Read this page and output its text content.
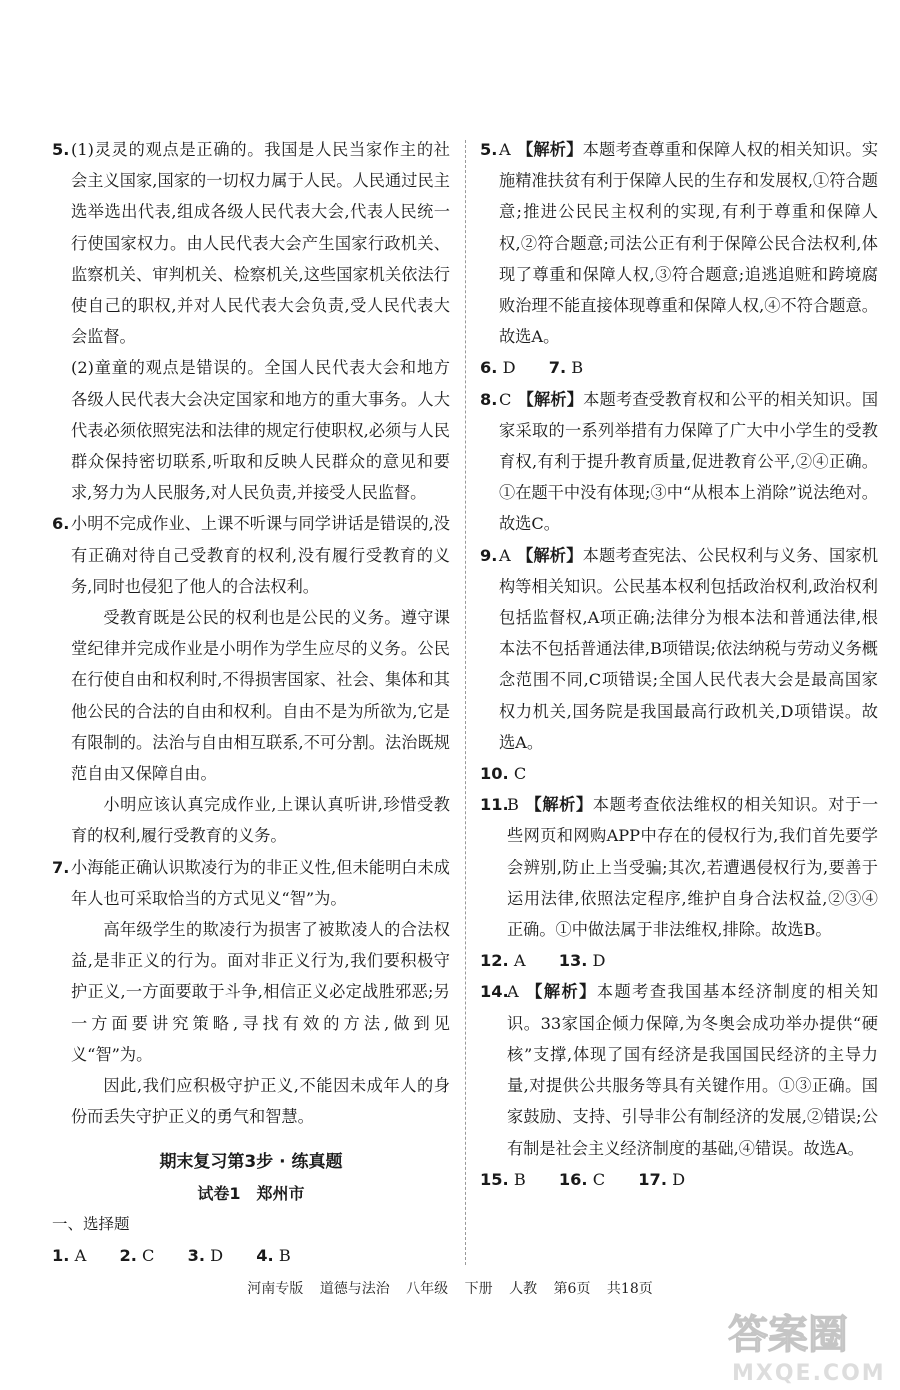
5. (1)灵灵的观点是正确的。我国是人民当家作主的社会主义国家,国家的一切权力属于人民。人民通过民主选举选出代表,组成各级人民代表大会,代表人民统一行使国家权力。由人民代表大会产生国家行政机关、监察机关、审判机关、检察机关,这些国家机关依法行使自己的职权,并对人民代表大会负责,受人民代表大会监督。
(2)童童的观点是错误的。全国人民代表大会和地方各级人民代表大会决定国家和地方的重大事务。人大代表必须依照宪法和法律的规定行使职权,必须与人民群众保持密切联系,听取和反映人民群众的意见和要求,努力为人民服务,对人民负责,并接受人民监督。
6. 小明不完成作业、上课不听课与同学讲话是错误的,没有正确对待自己受教育的权利,没有履行受教育的义务,同时也侵犯了他人的合法权利。
受教育既是公民的权利也是公民的义务。遵守课堂纪律并完成作业是小明作为学生应尽的义务。公民在行使自由和权利时,不得损害国家、社会、集体和其他公民的合法的自由和权利。自由不是为所欲为,它是有限制的。法治与自由相互联系,不可分割。法治既规范自由又保障自由。
小明应该认真完成作业,上课认真听讲,珍惜受教育的权利,履行受教育的义务。
7. 小海能正确认识欺凌行为的非正义性,但未能明白未成年人也可采取恰当的方式见义“智”为。
高年级学生的欺凌行为损害了被欺凌人的合法权益,是非正义的行为。面对非正义行为,我们要积极守护正义,一方面要敢于斗争,相信正义必定战胜邪恶;另一方面要讲究策略,寻找有效的方法,做到见义“智”为。
因此,我们应积极守护正义,不能因未成年人的身份而丢失守护正义的勇气和智慧。
期末复习第3步 · 练真题
试卷1　郑州市
一、选择题
1. A 2. C 3. D 4. B
5. A 【解析】本题考查尊重和保障人权的相关知识。实施精准扶贫有利于保障人民的生存和发展权,①符合题意;推进公民民主权利的实现,有利于尊重和保障人权,②符合题意;司法公正有利于保障公民合法权利,体现了尊重和保障人权,③符合题意;追逃追赃和跨境腐败治理不能直接体现尊重和保障人权,④不符合题意。故选A。
6. D 7. B
8. C 【解析】本题考查受教育权和公平的相关知识。国家采取的一系列举措有力保障了广大中小学生的受教育权,有利于提升教育质量,促进教育公平,②④正确。①在题干中没有体现;③中“从根本上消除”说法绝对。故选C。
9. A 【解析】本题考查宪法、公民权利与义务、国家机构等相关知识。公民基本权利包括政治权利,政治权利包括监督权,A项正确;法律分为根本法和普通法律,根本法不包括普通法律,B项错误;依法纳税与劳动义务概念范围不同,C项错误;全国人民代表大会是最高国家权力机关,国务院是我国最高行政机关,D项错误。故选A。
10. C
11.
B 【解析】本题考查依法维权的相关知识。对于一些网页和网购APP中存在的侵权行为,我们首先要学会辨别,防止上当受骗;其次,若遭遇侵权行为,要善于运用法律,依照法定程序,维护自身合法权益,②③④正确。①中做法属于非法维权,排除。故选B。
12. A 13. D
14.
A 【解析】本题考查我国基本经济制度的相关知识。33家国企倾力保障,为冬奥会成功举办提供“硬核”支撑,体现了国有经济是我国国民经济的主导力量,对提供公共服务等具有关键作用。①③正确。国家鼓励、支持、引导非公有制经济的发展,②错误;公有制是社会主义经济制度的基础,④错误。故选A。
15. B 16. C 17. D
河南专版 道德与法治 八年级 下册 人教 第6页 共18页
答案圈
MXQE.COM
